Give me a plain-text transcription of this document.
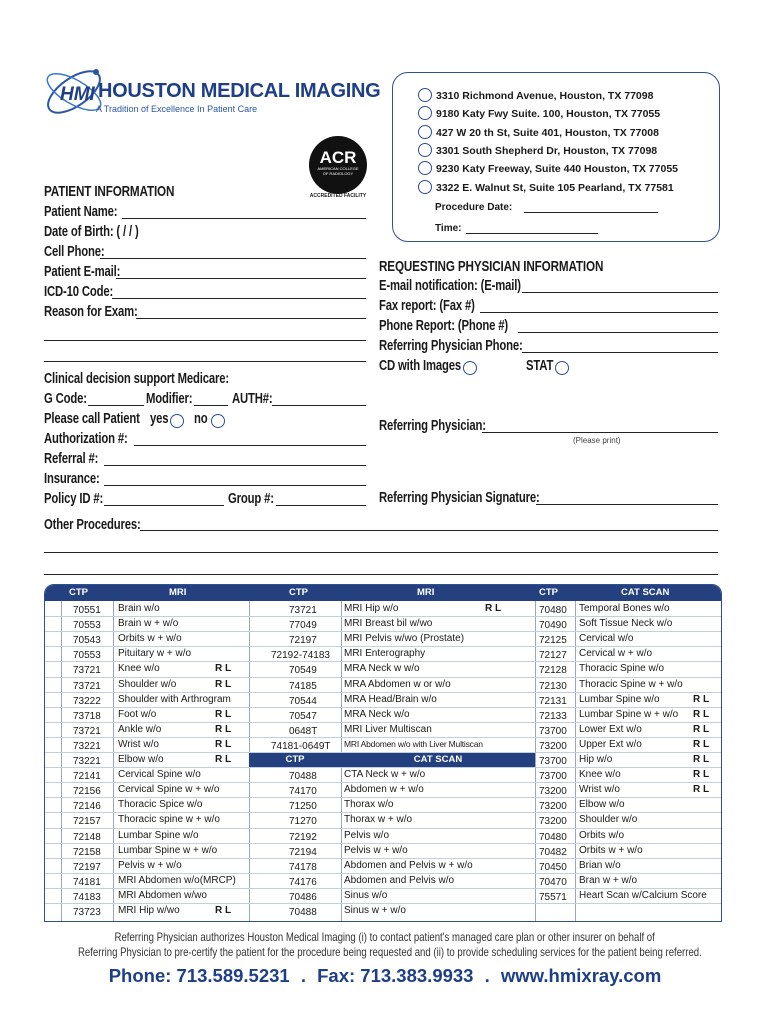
HMI HOUSTON MEDICAL IMAGING
A Tradition of Excellence In Patient Care
ACR
AMERICAN COLLEGE OF RADIOLOGY
ACCREDITED FACILITY
3310 Richmond Avenue, Houston, TX 77098
9180 Katy Fwy Suite. 100, Houston, TX 77055
427 W 20 th St, Suite 401, Houston, TX 77008
3301 South Shepherd Dr, Houston, TX 77098
9230 Katy Freeway, Suite 440 Houston, TX 77055
3322 E. Walnut St, Suite 105 Pearland, TX 77581
Procedure Date:
Time:
PATIENT INFORMATION
Patient Name:
Date of Birth: ( / / )
Cell Phone:
Patient E-mail:
ICD-10 Code:
Reason for Exam:
Clinical decision support Medicare:
G Code:	Modifier:	AUTH#:
Please call Patient yes no
Authorization #:
Referral #:
Insurance:
Policy ID #:	Group #:
Other Procedures:
REQUESTING PHYSICIAN INFORMATION
E-mail notification: (E-mail)
Fax report: (Fax #)
Phone Report: (Phone #)
Referring Physician Phone:
CD with Images	STAT
Referring Physician:
(Please print)
Referring Physician Signature:
CTP	MRI	CTP	MRI	CTP	CAT SCAN
70551 Brain w/o
70553 Brain w + w/o
70543 Orbits w + w/o
70553 Pituitary w + w/o
73721 Knee w/o	R L
73721 Shoulder w/o	R L
73222 Shoulder with Arthrogram
73718 Foot w/o	R L
73721 Ankle w/o	R L
73221 Wrist w/o	R L
73221 Elbow w/o	R L
72141 Cervical Spine w/o
72156 Cervical Spine w + w/o
72146 Thoracic Spice w/o
72157 Thoracic spine w + w/o
72148 Lumbar Spine w/o
72158 Lumbar Spine w + w/o
72197 Pelvis w + w/o
74181 MRI Abdomen w/o(MRCP)
74183 MRI Abdomen w/wo
73723 MRI Hip w/wo	R L
73721	MRI Hip w/o	R L
77049	MRI Breast bil w/wo
72197	MRI Pelvis w/wo (Prostate)
72192-74183 MRI Enterography
70549	MRA Neck w w/o
74185	MRA Abdomen w or w/o
70544	MRA Head/Brain w/o
70547	MRA Neck w/o
0648T	MRI Liver Multiscan
74181-0649T MRI Abdomen w/o with Liver Multiscan
CTP	CAT SCAN
70488	CTA Neck w + w/o
74170	Abdomen w + w/o
71250	Thorax w/o
71270	Thorax w + w/o
72192	Pelvis w/o
72194	Pelvis w + w/o
74178	Abdomen and Pelvis w + w/o
74176	Abdomen and Pelvis w/o
70486	Sinus w/o
70488	Sinus w + w/o
70480 Temporal Bones w/o
70490 Soft Tissue Neck w/o
72125 Cervical w/o
72127 Cervical w + w/o
72128 Thoracic Spine w/o
72130 Thoracic Spine w + w/o
72131 Lumbar Spine w/o	R L
72133 Lumbar Spine w + w/o R L
73700 Lower Ext w/o	R L
73200 Upper Ext w/o	R L
73700 Hip w/o	R L
73700 Knee w/o	R L
73200 Wrist w/o	R L
73200 Elbow w/o
73200 Shoulder w/o
70480 Orbits w/o
70482 Orbits w + w/o
70450 Brian w/o
70470 Bran w + w/o
75571 Heart Scan w/Calcium Score
Referring Physician authorizes Houston Medical Imaging (i) to contact patient's managed care plan or other insurer on behalf of
Referring Physician to pre-certify the patient for the procedure being requested and (ii) to provide scheduling services for the patient being referred.
Phone: 713.589.5231 . Fax: 713.383.9933 . www.hmixray.com
